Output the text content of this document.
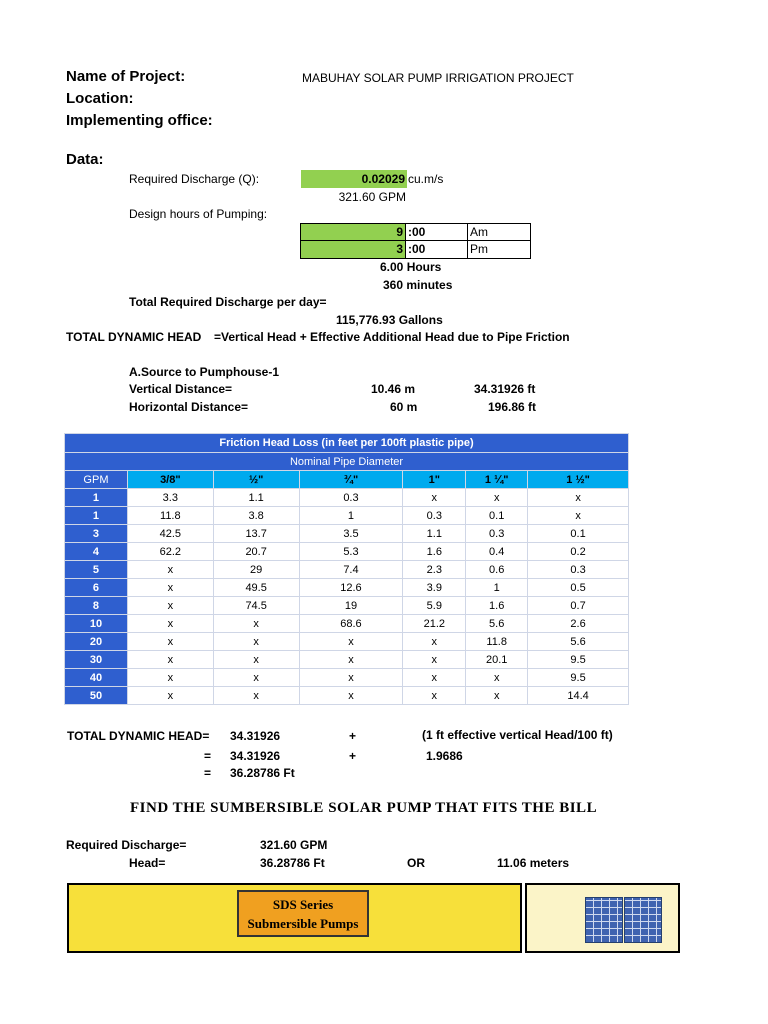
Name of Project:	MABUHAY SOLAR PUMP IRRIGATION PROJECT
Location:
Implementing office:
Data:
Required Discharge (Q):	0.02029 cu.m/s
321.60 GPM
Design hours of Pumping:
9 :00	Am
3 :00	Pm
6.00 Hours
360 minutes
Total Required Discharge per day=
115,776.93 Gallons
TOTAL DYNAMIC HEAD =Vertical Head + Effective Additional Head due to Pipe Friction
A.Source to Pumphouse-1
Vertical Distance=	10.46 m	34.31926 ft
Horizontal Distance=	60 m	196.86 ft
Friction Head Loss (in feet per 100ft plastic pipe)						
Nominal Pipe Diameter						
GPM	3/8"	½"	¾"	1"	1 ¼"	1 ½"
1	3.3	1.1	0.3	x	x	x
1	11.8	3.8	1	0.3	0.1	x
3	42.5	13.7	3.5	1.1	0.3	0.1
4	62.2	20.7	5.3	1.6	0.4	0.2
5	x	29	7.4	2.3	0.6	0.3
6	x	49.5	12.6	3.9	1	0.5
8	x	74.5	19	5.9	1.6	0.7
10	x	x	68.6	21.2	5.6	2.6
20	x	x	x	x	11.8	5.6
30	x	x	x	x	20.1	9.5
40	x	x	x	x	x	9.5
50	x	x	x	x	x	14.4
TOTAL DYNAMIC HEAD= 34.31926	+	(1 ft effective vertical Head/100 ft)
= 34.31926	+	1.9686
= 36.28786 Ft
FIND THE SUMBERSIBLE SOLAR PUMP THAT FITS THE BILL
Required Discharge=	321.60 GPM
Head=	36.28786 Ft	OR	11.06 meters
SDS Series
Submersible Pumps
